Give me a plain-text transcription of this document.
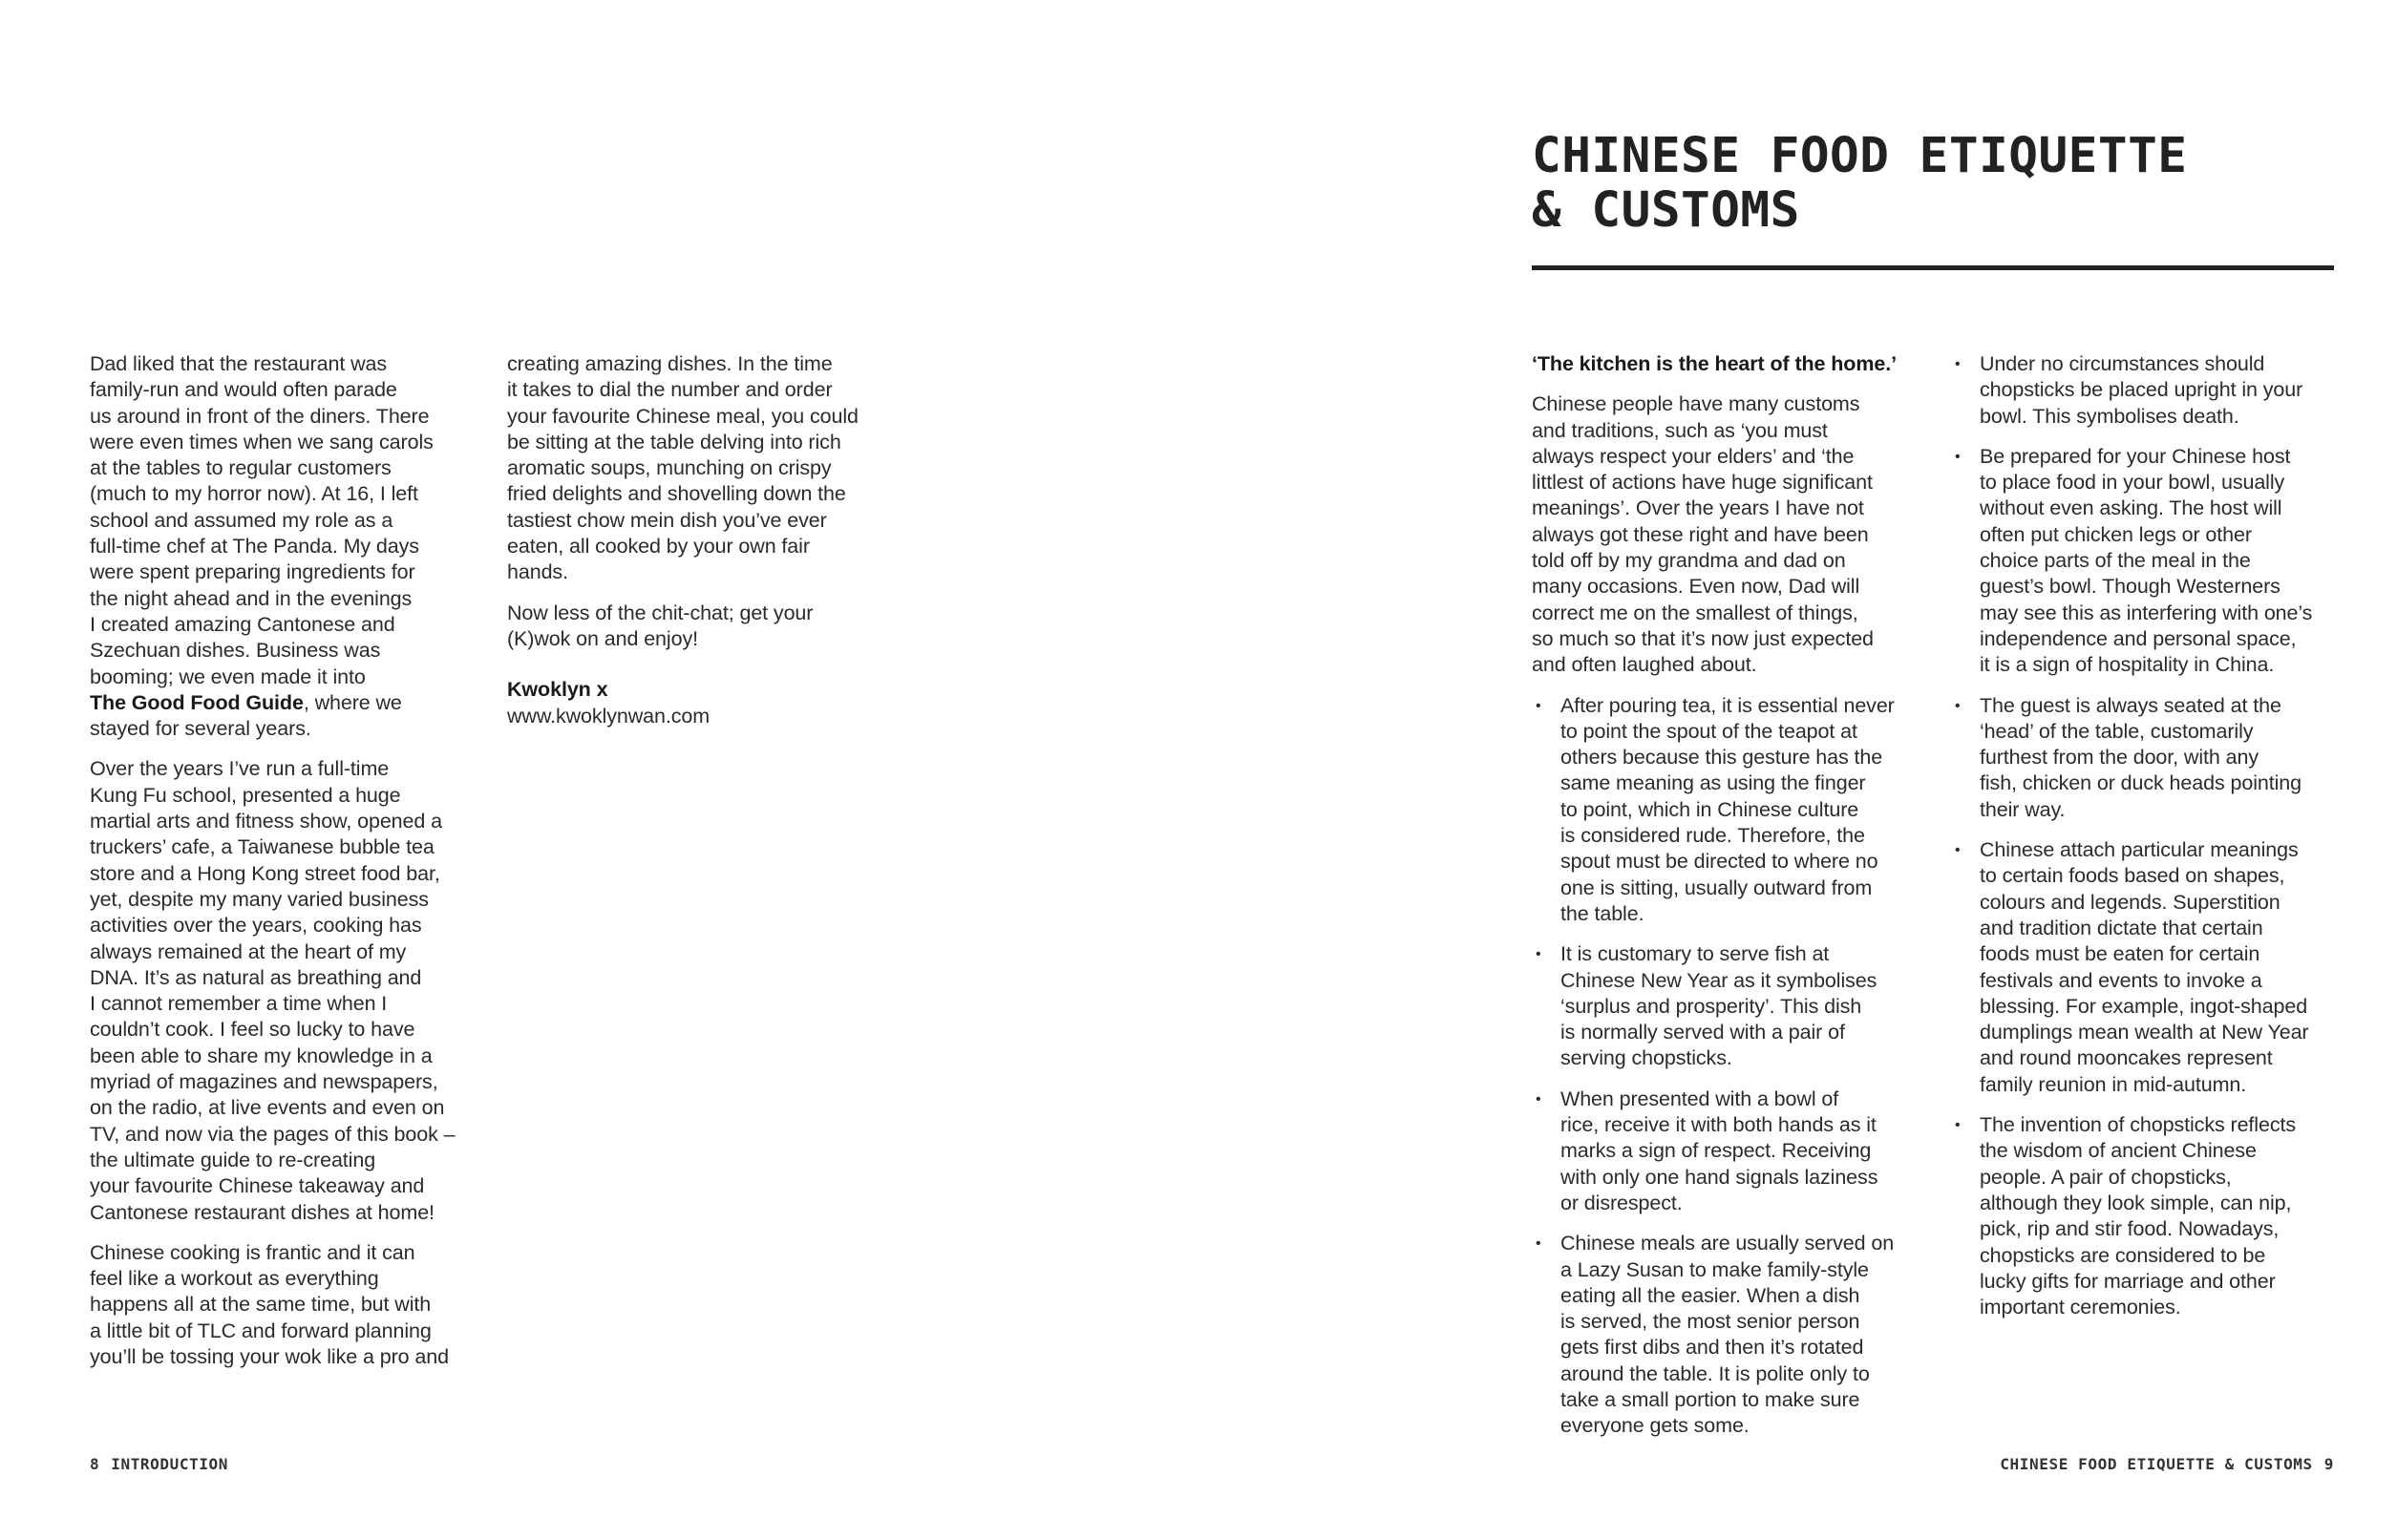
Dad liked that the restaurant was
family-run and would often parade
us around in front of the diners. There
were even times when we sang carols
at the tables to regular customers
(much to my horror now). At 16, I left
school and assumed my role as a
full-time chef at The Panda. My days
were spent preparing ingredients for
the night ahead and in the evenings
I created amazing Cantonese and
Szechuan dishes. Business was
booming; we even made it into
The Good Food Guide, where we
stayed for several years.

Over the years I’ve run a full-time
Kung Fu school, presented a huge
martial arts and fitness show, opened a
truckers’ cafe, a Taiwanese bubble tea
store and a Hong Kong street food bar,
yet, despite my many varied business
activities over the years, cooking has
always remained at the heart of my
DNA. It’s as natural as breathing and
I cannot remember a time when I
couldn’t cook. I feel so lucky to have
been able to share my knowledge in a
myriad of magazines and newspapers,
on the radio, at live events and even on
TV, and now via the pages of this book –
the ultimate guide to re-creating
your favourite Chinese takeaway and
Cantonese restaurant dishes at home!

Chinese cooking is frantic and it can
feel like a workout as everything
happens all at the same time, but with
a little bit of TLC and forward planning
you’ll be tossing your wok like a pro and

creating amazing dishes. In the time
it takes to dial the number and order
your favourite Chinese meal, you could
be sitting at the table delving into rich
aromatic soups, munching on crispy
fried delights and shovelling down the
tastiest chow mein dish you’ve ever
eaten, all cooked by your own fair
hands.

Now less of the chit-chat; get your
(K)wok on and enjoy!

Kwoklyn x
www.kwoklynwan.com

8 INTRODUCTION
CHINESE FOOD ETIQUETTE
& CUSTOMS

‘The kitchen is the heart of the home.’

Chinese people have many customs
and traditions, such as ‘you must
always respect your elders’ and ‘the
littlest of actions have huge significant
meanings’. Over the years I have not
always got these right and have been
told off by my grandma and dad on
many occasions. Even now, Dad will
correct me on the smallest of things,
so much so that it’s now just expected
and often laughed about.

• After pouring tea, it is essential never
to point the spout of the teapot at
others because this gesture has the
same meaning as using the finger
to point, which in Chinese culture
is considered rude. Therefore, the
spout must be directed to where no
one is sitting, usually outward from
the table.

• It is customary to serve fish at
Chinese New Year as it symbolises
‘surplus and prosperity’. This dish
is normally served with a pair of
serving chopsticks.

• When presented with a bowl of
rice, receive it with both hands as it
marks a sign of respect. Receiving
with only one hand signals laziness
or disrespect.

• Chinese meals are usually served on
a Lazy Susan to make family-style
eating all the easier. When a dish
is served, the most senior person
gets first dibs and then it’s rotated
around the table. It is polite only to
take a small portion to make sure
everyone gets some.

• Under no circumstances should
chopsticks be placed upright in your
bowl. This symbolises death.

• Be prepared for your Chinese host
to place food in your bowl, usually
without even asking. The host will
often put chicken legs or other
choice parts of the meal in the
guest’s bowl. Though Westerners
may see this as interfering with one’s
independence and personal space,
it is a sign of hospitality in China.

• The guest is always seated at the
‘head’ of the table, customarily
furthest from the door, with any
fish, chicken or duck heads pointing
their way.

• Chinese attach particular meanings
to certain foods based on shapes,
colours and legends. Superstition
and tradition dictate that certain
foods must be eaten for certain
festivals and events to invoke a
blessing. For example, ingot-shaped
dumplings mean wealth at New Year
and round mooncakes represent
family reunion in mid-autumn.

• The invention of chopsticks reflects
the wisdom of ancient Chinese
people. A pair of chopsticks,
although they look simple, can nip,
pick, rip and stir food. Nowadays,
chopsticks are considered to be
lucky gifts for marriage and other
important ceremonies.

CHINESE FOOD ETIQUETTE & CUSTOMS 9
